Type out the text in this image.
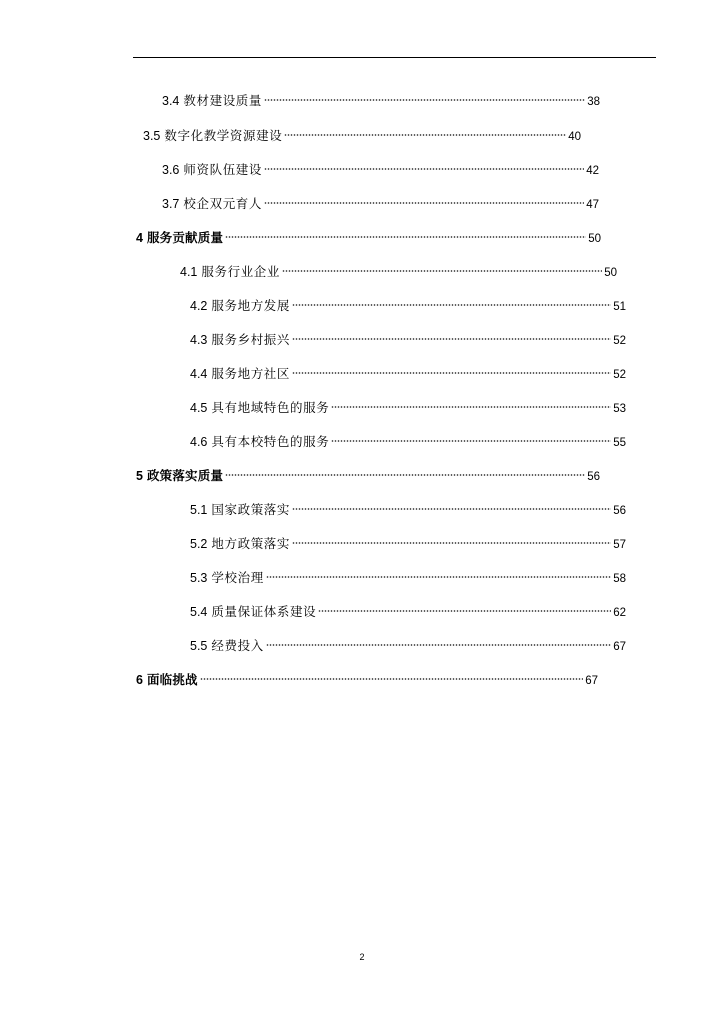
3.4 教材建设质量	38
3.5 数字化教学资源建设	40
3.6 师资队伍建设	42
3.7 校企双元育人	47
4 服务贡献质量	50
4.1 服务行业企业	50
4.2 服务地方发展	51
4.3 服务乡村振兴	52
4.4 服务地方社区	52
4.5 具有地域特色的服务	53
4.6 具有本校特色的服务	55
5 政策落实质量	56
5.1 国家政策落实	56
5.2 地方政策落实	57
5.3 学校治理	58
5.4 质量保证体系建设	62
5.5 经费投入	67
6 面临挑战	67
2
